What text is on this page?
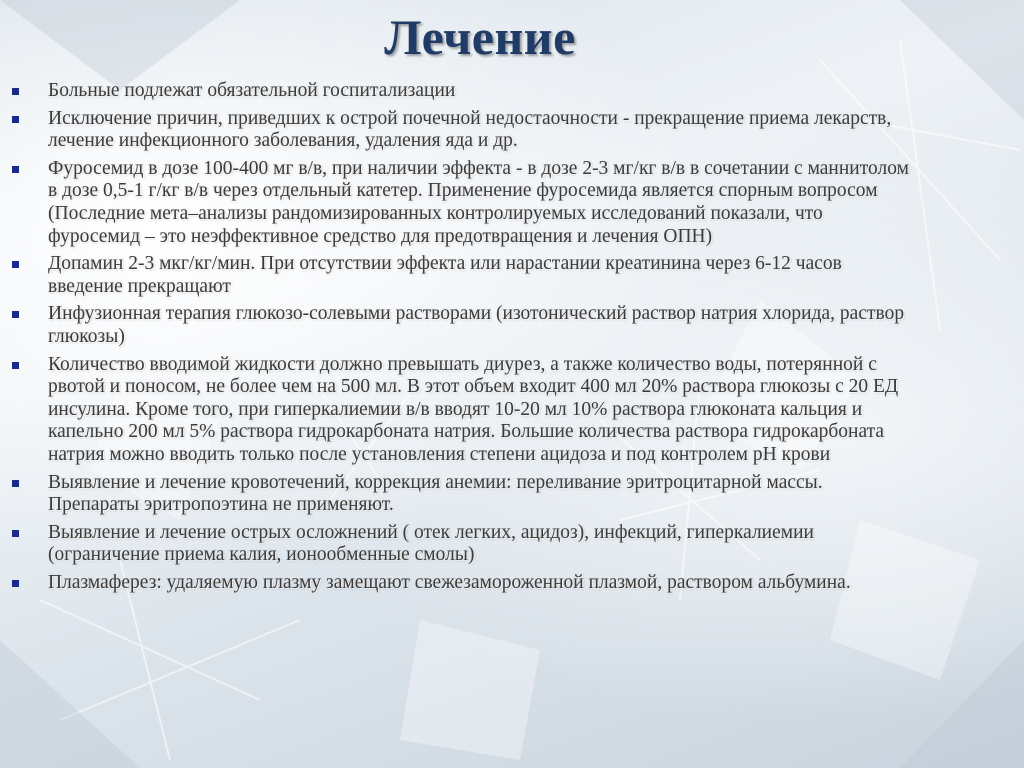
Лечение
Больные подлежат обязательной госпитализации
Исключение причин, приведших к острой почечной недостаочности - прекращение приема лекарств, лечение инфекционного заболевания, удаления яда и др.
Фуросемид в дозе 100-400 мг в/в, при наличии эффекта - в дозе 2-3 мг/кг в/в в сочетании с маннитолом в дозе 0,5-1 г/кг в/в через отдельный катетер. Применение фуросемида является спорным вопросом (Последние мета–анализы рандомизированных контролируемых исследований показали, что фуросемид – это неэффективное средство для предотвращения и лечения ОПН)
Допамин 2-3 мкг/кг/мин. При отсутствии эффекта или нарастании креатинина через 6-12 часов введение прекращают
Инфузионная терапия глюкозо-солевыми растворами (изотонический раствор натрия хлорида, раствор глюкозы)
Количество вводимой жидкости должно превышать диурез, а также количество воды, потерянной с рвотой и поносом, не более чем на 500 мл. В этот объем входит 400 мл 20% раствора глюкозы с 20 ЕД инсулина. Кроме того, при гиперкалиемии в/в вводят 10-20 мл 10% раствора глюконата кальция и капельно 200 мл 5% раствора гидрокарбоната натрия. Большие количества раствора гидрокарбоната натрия можно вводить только после установления степени ацидоза и под контролем рН крови
Выявление и лечение кровотечений, коррекция анемии: переливание эритроцитарной массы. Препараты эритропоэтина не применяют.
Выявление и лечение острых осложнений ( отек легких, ацидоз), инфекций, гиперкалиемии (ограничение приема калия, ионообменные смолы)
Плазмаферез: удаляемую плазму замещают свежезамороженной плазмой, раствором альбумина.
